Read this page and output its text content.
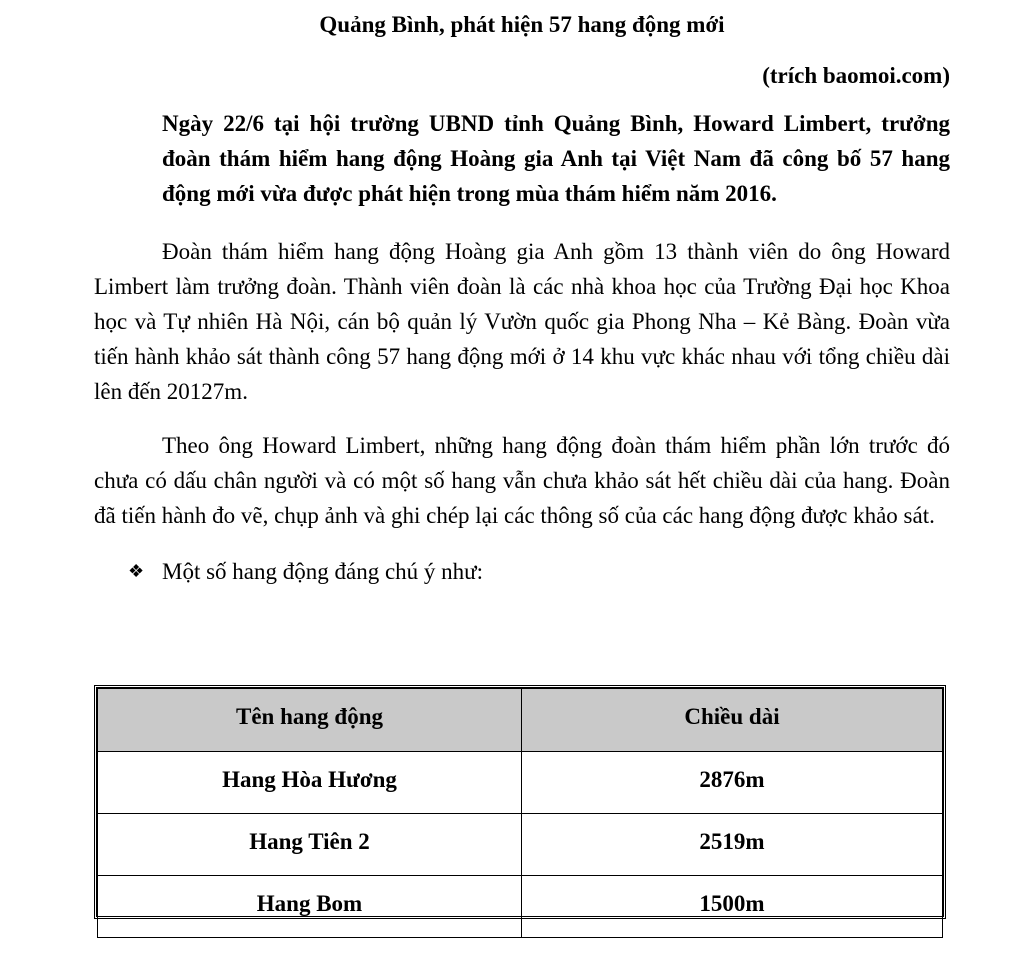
Quảng Bình, phát hiện 57 hang động mới

(trích baomoi.com)

Ngày 22/6 tại hội trường UBND tỉnh Quảng Bình, Howard Limbert, trưởng đoàn thám hiểm hang động Hoàng gia Anh tại Việt Nam đã công bố 57 hang động mới vừa được phát hiện trong mùa thám hiểm năm 2016.

Đoàn thám hiểm hang động Hoàng gia Anh gồm 13 thành viên do ông Howard Limbert làm trưởng đoàn. Thành viên đoàn là các nhà khoa học của Trường Đại học Khoa học và Tự nhiên Hà Nội, cán bộ quản lý Vườn quốc gia Phong Nha – Kẻ Bàng. Đoàn vừa tiến hành khảo sát thành công 57 hang động mới ở 14 khu vực khác nhau với tổng chiều dài lên đến 20127m.

Theo ông Howard Limbert, những hang động đoàn thám hiểm phần lớn trước đó chưa có dấu chân người và có một số hang vẫn chưa khảo sát hết chiều dài của hang. Đoàn đã tiến hành đo vẽ, chụp ảnh và ghi chép lại các thông số của các hang động được khảo sát.

❖ Một số hang động đáng chú ý như:
Tên hang động	Chiều dài
Hang Hòa Hương	2876m
Hang Tiên 2	2519m
Hang Bom	1500m
